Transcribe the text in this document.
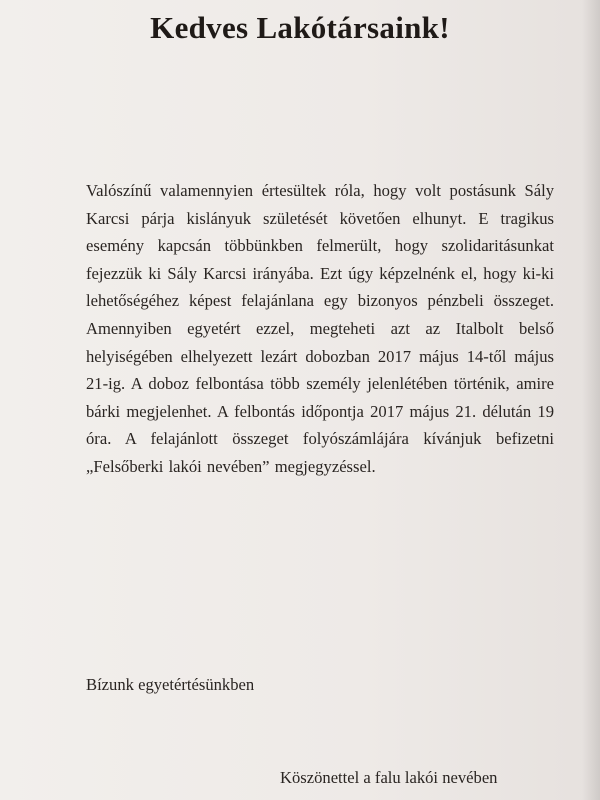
Kedves Lakótársaink!
Valószínű valamennyien értesültek róla, hogy volt postásunk Sály Karcsi párja kislányuk születését követően elhunyt. E tragikus esemény kapcsán többünkben felmerült, hogy szolidaritásunkat fejezzük ki Sály Karcsi irányába. Ezt úgy képzelnénk el, hogy ki-ki lehetőségéhez képest felajánlana egy bizonyos pénzbeli összeget. Amennyiben egyetért ezzel, megteheti azt az Italbolt belső helyiségében elhelyezett lezárt dobozban 2017 május 14-től május 21-ig. A doboz felbontása több személy jelenlétében történik, amire bárki megjelenhet. A felbontás időpontja 2017 május 21. délután 19 óra. A felajánlott összeget folyószámlájára kívánjuk befizetni „Felsőberki lakói nevében” megjegyzéssel.
Bízunk egyetértésünkben
Köszönettel a falu lakói nevében
